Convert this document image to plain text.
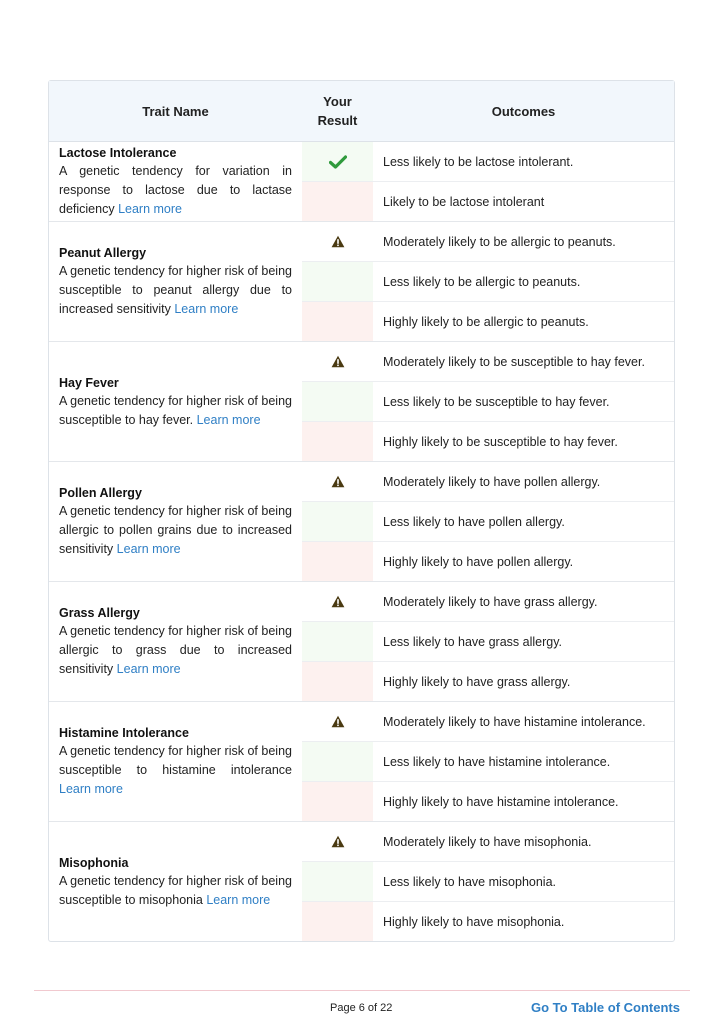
Trait Name
Your Result
Outcomes
Lactose Intolerance
A genetic tendency for variation in response to lactose due to lactase deficiency Learn more
Less likely to be lactose intolerant.
Likely to be lactose intolerant
Peanut Allergy
A genetic tendency for higher risk of being susceptible to peanut allergy due to increased sensitivity Learn more
Moderately likely to be allergic to peanuts.
Less likely to be allergic to peanuts.
Highly likely to be allergic to peanuts.
Hay Fever
A genetic tendency for higher risk of being susceptible to hay fever. Learn more
Moderately likely to be susceptible to hay fever.
Less likely to be susceptible to hay fever.
Highly likely to be susceptible to hay fever.
Pollen Allergy
A genetic tendency for higher risk of being allergic to pollen grains due to increased sensitivity Learn more
Moderately likely to have pollen allergy.
Less likely to have pollen allergy.
Highly likely to have pollen allergy.
Grass Allergy
A genetic tendency for higher risk of being allergic to grass due to increased sensitivity Learn more
Moderately likely to have grass allergy.
Less likely to have grass allergy.
Highly likely to have grass allergy.
Histamine Intolerance
A genetic tendency for higher risk of being susceptible to histamine intolerance Learn more
Moderately likely to have histamine intolerance.
Less likely to have histamine intolerance.
Highly likely to have histamine intolerance.
Misophonia
A genetic tendency for higher risk of being susceptible to misophonia Learn more
Moderately likely to have misophonia.
Less likely to have misophonia.
Highly likely to have misophonia.
Page 6 of 22	Go To Table of Contents
